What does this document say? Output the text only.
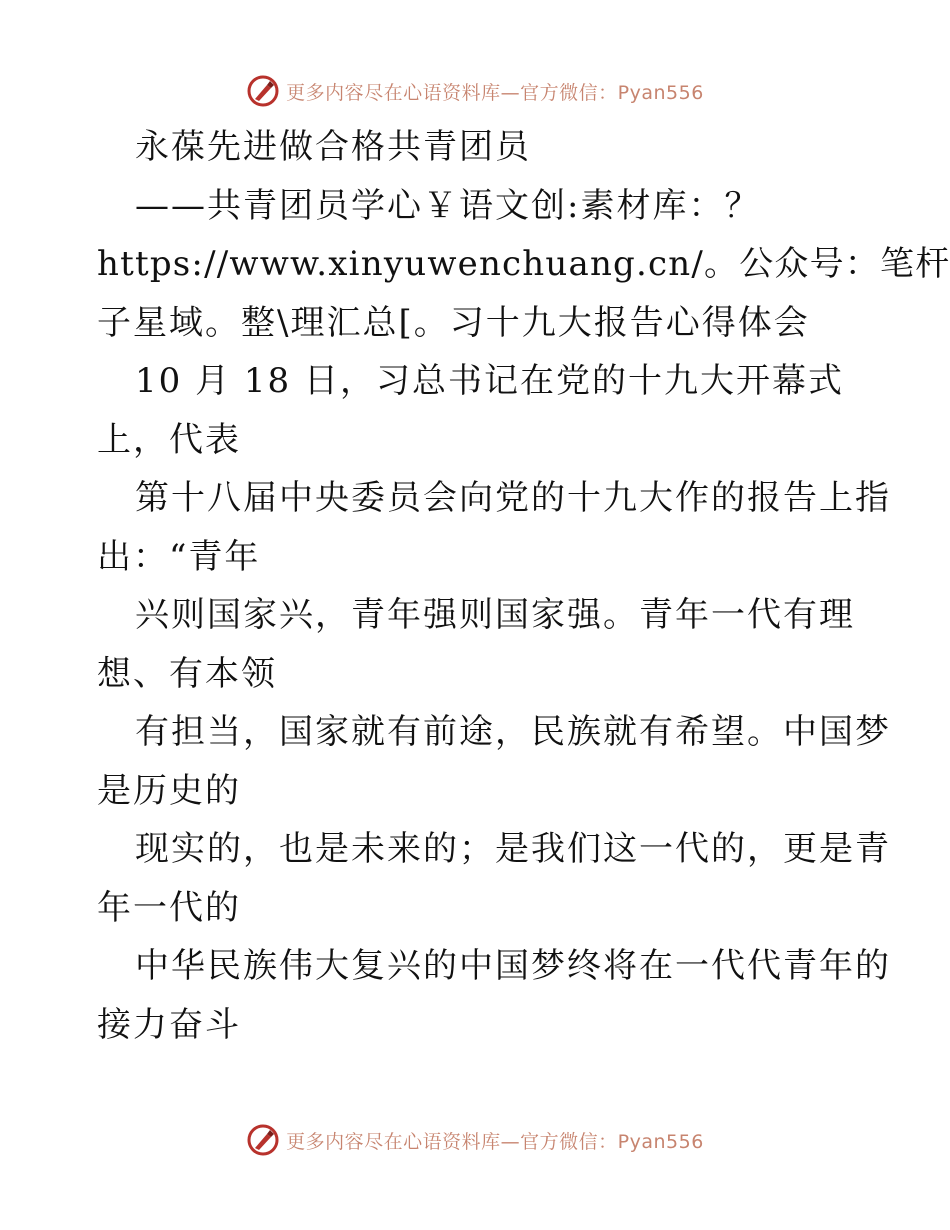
更多内容尽在心语资料库—官方微信：Pyan556
永葆先进做合格共青团员
——共青团员学心￥语文创:素材库：？
https://www.xinyuwenchuang.cn/。公众号：笔杆
子星域。整\理汇总[。习十九大报告心得体会
10 月 18 日，习总书记在党的十九大开幕式
上，代表
第十八届中央委员会向党的十九大作的报告上指
出：“青年
兴则国家兴，青年强则国家强。青年一代有理
想、有本领
有担当，国家就有前途，民族就有希望。中国梦
是历史的
现实的，也是未来的；是我们这一代的，更是青
年一代的
中华民族伟大复兴的中国梦终将在一代代青年的
接力奋斗
更多内容尽在心语资料库—官方微信：Pyan556
